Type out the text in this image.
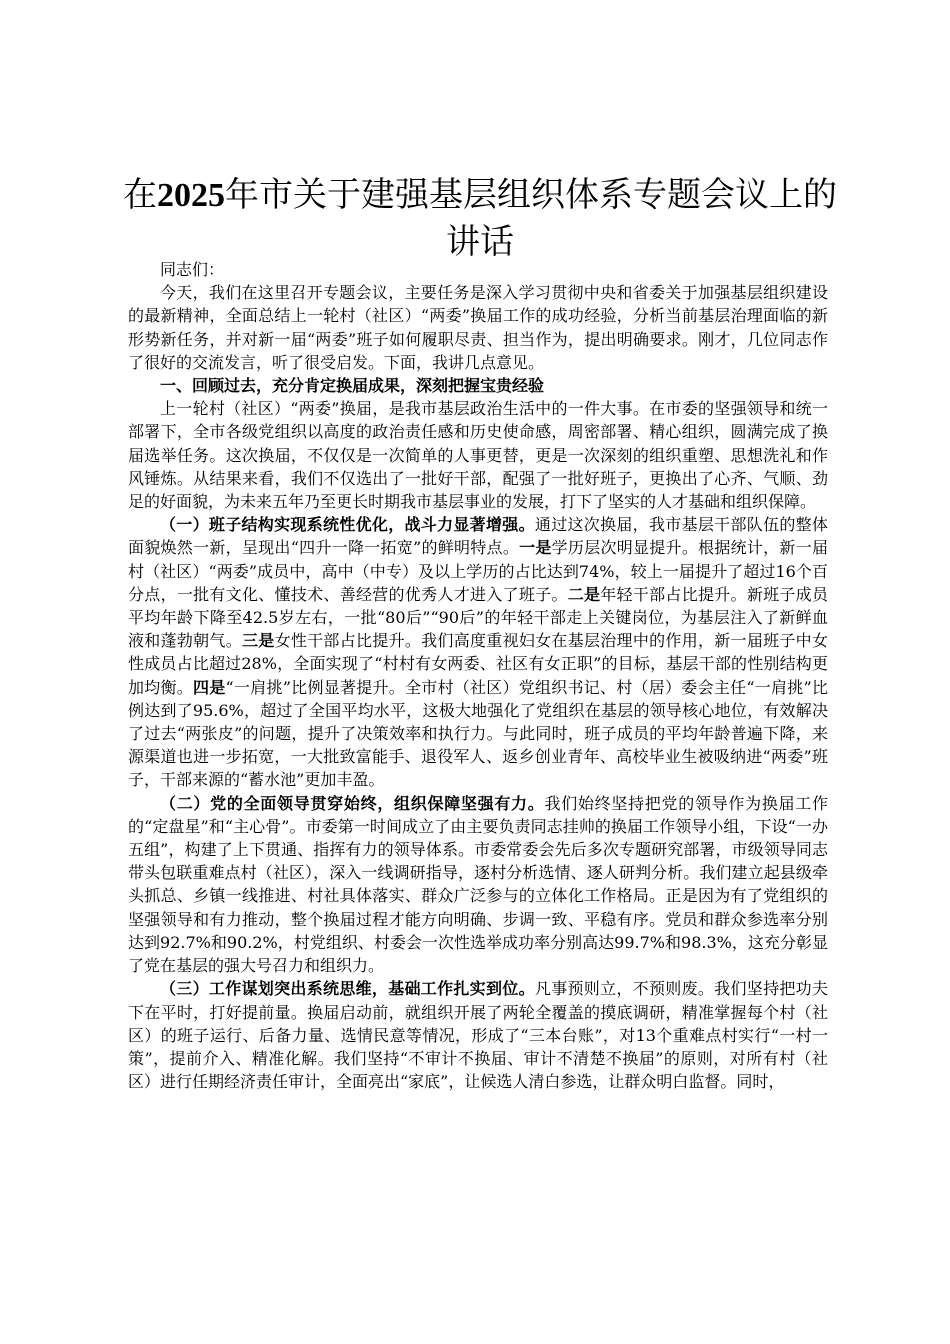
在2025年市关于建强基层组织体系专题会议上的讲话

同志们：

今天，我们在这里召开专题会议，主要任务是深入学习贯彻中央和省委关于加强基层组织建设的最新精神，全面总结上一轮村（社区）“两委”换届工作的成功经验，分析当前基层治理面临的新形势新任务，并对新一届“两委”班子如何履职尽责、担当作为，提出明确要求。刚才，几位同志作了很好的交流发言，听了很受启发。下面，我讲几点意见。

一、回顾过去，充分肯定换届成果，深刻把握宝贵经验

上一轮村（社区）“两委”换届，是我市基层政治生活中的一件大事。在市委的坚强领导和统一部署下，全市各级党组织以高度的政治责任感和历史使命感，周密部署、精心组织，圆满完成了换届选举任务。这次换届，不仅仅是一次简单的人事更替，更是一次深刻的组织重塑、思想洗礼和作风锤炼。从结果来看，我们不仅选出了一批好干部，配强了一批好班子，更换出了心齐、气顺、劲足的好面貌，为未来五年乃至更长时期我市基层事业的发展，打下了坚实的人才基础和组织保障。

（一）班子结构实现系统性优化，战斗力显著增强。通过这次换届，我市基层干部队伍的整体面貌焕然一新，呈现出“四升一降一拓宽”的鲜明特点。一是学历层次明显提升。根据统计，新一届村（社区）“两委”成员中，高中（中专）及以上学历的占比达到74%，较上一届提升了超过16个百分点，一批有文化、懂技术、善经营的优秀人才进入了班子。二是年轻干部占比提升。新班子成员平均年龄下降至42.5岁左右，一批“80后”“90后”的年轻干部走上关键岗位，为基层注入了新鲜血液和蓬勃朝气。三是女性干部占比提升。我们高度重视妇女在基层治理中的作用，新一届班子中女性成员占比超过28%，全面实现了“村村有女两委、社区有女正职”的目标，基层干部的性别结构更加均衡。四是“一肩挑”比例显著提升。全市村（社区）党组织书记、村（居）委会主任“一肩挑”比例达到了95.6%，超过了全国平均水平，这极大地强化了党组织在基层的领导核心地位，有效解决了过去“两张皮”的问题，提升了决策效率和执行力。与此同时，班子成员的平均年龄普遍下降，来源渠道也进一步拓宽，一大批致富能手、退役军人、返乡创业青年、高校毕业生被吸纳进“两委”班子，干部来源的“蓄水池”更加丰盈。

（二）党的全面领导贯穿始终，组织保障坚强有力。我们始终坚持把党的领导作为换届工作的“定盘星”和“主心骨”。市委第一时间成立了由主要负责同志挂帅的换届工作领导小组，下设“一办五组”，构建了上下贯通、指挥有力的领导体系。市委常委会先后多次专题研究部署，市级领导同志带头包联重难点村（社区），深入一线调研指导，逐村分析选情、逐人研判分析。我们建立起县级牵头抓总、乡镇一线推进、村社具体落实、群众广泛参与的立体化工作格局。正是因为有了党组织的坚强领导和有力推动，整个换届过程才能方向明确、步调一致、平稳有序。党员和群众参选率分别达到92.7%和90.2%，村党组织、村委会一次性选举成功率分别高达99.7%和98.3%，这充分彰显了党在基层的强大号召力和组织力。

（三）工作谋划突出系统思维，基础工作扎实到位。凡事预则立，不预则废。我们坚持把功夫下在平时，打好提前量。换届启动前，就组织开展了两轮全覆盖的摸底调研，精准掌握每个村（社区）的班子运行、后备力量、选情民意等情况，形成了“三本台账”，对13个重难点村实行“一村一策”，提前介入、精准化解。我们坚持“不审计不换届、审计不清楚不换届”的原则，对所有村（社区）进行任期经济责任审计，全面亮出“家底”，让候选人清白参选，让群众明白监督。同时，
